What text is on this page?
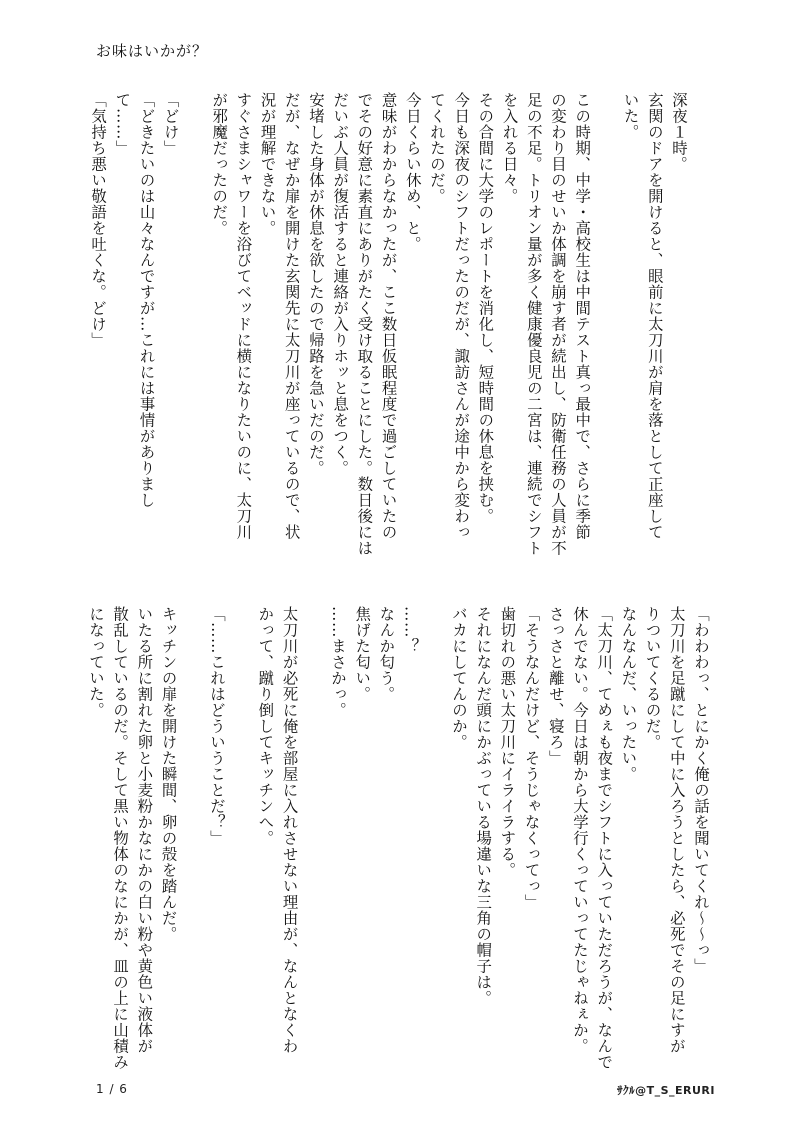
お味はいかが？

深夜１時。

玄関のドアを開けると、眼前に太刀川が肩を落として正座して

いた。

この時期、中学・高校生は中間テスト真っ最中で、さらに季節

の変わり目のせいか体調を崩す者が続出し、防衛任務の人員が不

足の不足。トリオン量が多く健康優良児の二宮は、連続でシフト

を入れる日々。

その合間に大学のレポートを消化し、短時間の休息を挟む。

今日も深夜のシフトだったのだが、諏訪さんが途中から変わっ

てくれたのだ。

今日くらい休め、と。

意味がわからなかったが、ここ数日仮眠程度で過ごしていたの

でその好意に素直にありがたく受け取ることにした。数日後には

だいぶ人員が復活すると連絡が入りホッと息をつく。

安堵した身体が休息を欲したので帰路を急いだのだ。

だが、なぜか扉を開けた玄関先に太刀川が座っているので、状

況が理解できない。

すぐさまシャワーを浴びてベッドに横になりたいのに、太刀川

が邪魔だったのだ。

「どけ」

「どきたいのは山々なんですが…これには事情がありまし

て……」

「気持ち悪い敬語を吐くな。どけ」

「わわわっ、とにかく俺の話を聞いてくれ〜〜っ」

太刀川を足蹴にして中に入ろうとしたら、必死でその足にすが

りついてくるのだ。

なんなんだ、いったい。

「太刀川、てめぇも夜までシフトに入っていただろうが、なんで

休んでない。今日は朝から大学行くっていってたじゃねぇか。

さっさと離せ、寝ろ」

「そうなんだけど、そうじゃなくってっ」

歯切れの悪い太刀川にイライラする。

それになんだ頭にかぶっている場違いな三角の帽子は。

バカにしてんのか。

……？

なんか匂う。

焦げた匂い。

……まさかっ。

太刀川が必死に俺を部屋に入れさせない理由が、なんとなくわ

かって、蹴り倒してキッチンへ。

「……これはどういうことだ？」

キッチンの扉を開けた瞬間、卵の殻を踏んだ。

いたる所に割れた卵と小麦粉かなにかの白い粉や黄色い液体が

散乱しているのだ。そして黒い物体のなにかが、皿の上に山積み

になっていた。

1 / 6	ｻｸﾙ@T_S_ERURI
